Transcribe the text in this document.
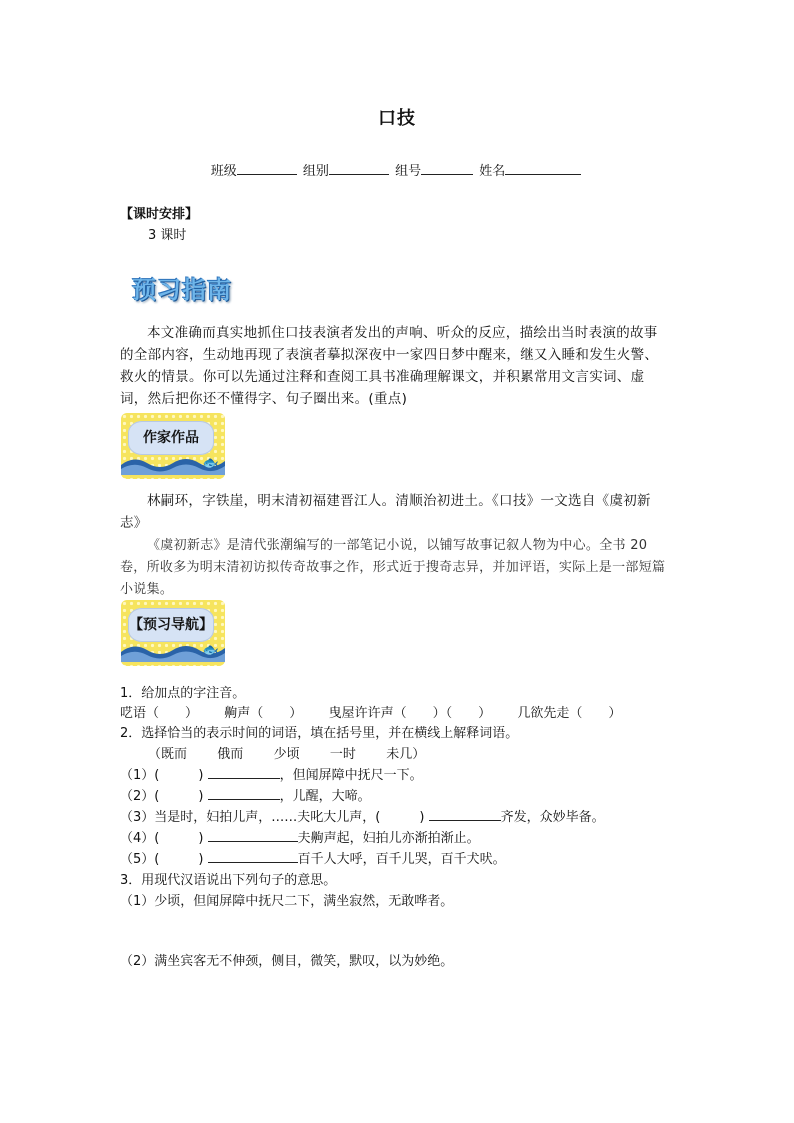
口技
班级	组别	组号	姓名
【课时安排】
3 课时
预习指南
本文准确而真实地抓住口技表演者发出的声响、听众的反应，描绘出当时表演的故事的全部内容，生动地再现了表演者摹拟深夜中一家四日梦中醒来，继又入睡和发生火警、救火的情景。你可以先通过注释和查阅工具书准确理解课文，并积累常用文言实词、虚词，然后把你还不懂得字、句子圈出来。(重点)
作家作品
🐟
林嗣环，字铁崖，明末清初福建晋江人。清顺治初进土。《口技》一文选自《虞初新志》
《虞初新志》是清代张潮编写的一部笔记小说，以铺写故事记叙人物为中心。全书 20 卷，所收多为明末清初访拟传奇故事之作，形式近于搜奇志异，并加评语，实际上是一部短篇小说集。
【预习导航】
🐟
1．给加点的字注音。
呓语（　　） 齁声（　　） 曳屋许许声（　　）（　　） 几欲先走（　　）
2．选择恰当的表示时间的词语，填在括号里，并在横线上解释词语。
（既而 俄而 少顷 一时 未几）
（1）(　　　)	，但闻屏障中抚尺一下。
（2）(　　　)	，儿醒，大啼。
（3）当是时，妇拍儿声，……夫叱大儿声，(　　　)	齐发，众妙毕备。
（4）(　　　)	夫齁声起，妇拍儿亦渐拍渐止。
（5）(　　　)	百千人大呼，百千儿哭，百千犬吠。
3．用现代汉语说出下列句子的意思。
（1）少顷，但闻屏障中抚尺二下，满坐寂然，无敢哗者。
（2）满坐宾客无不伸颈，侧目，微笑，默叹，以为妙绝。
